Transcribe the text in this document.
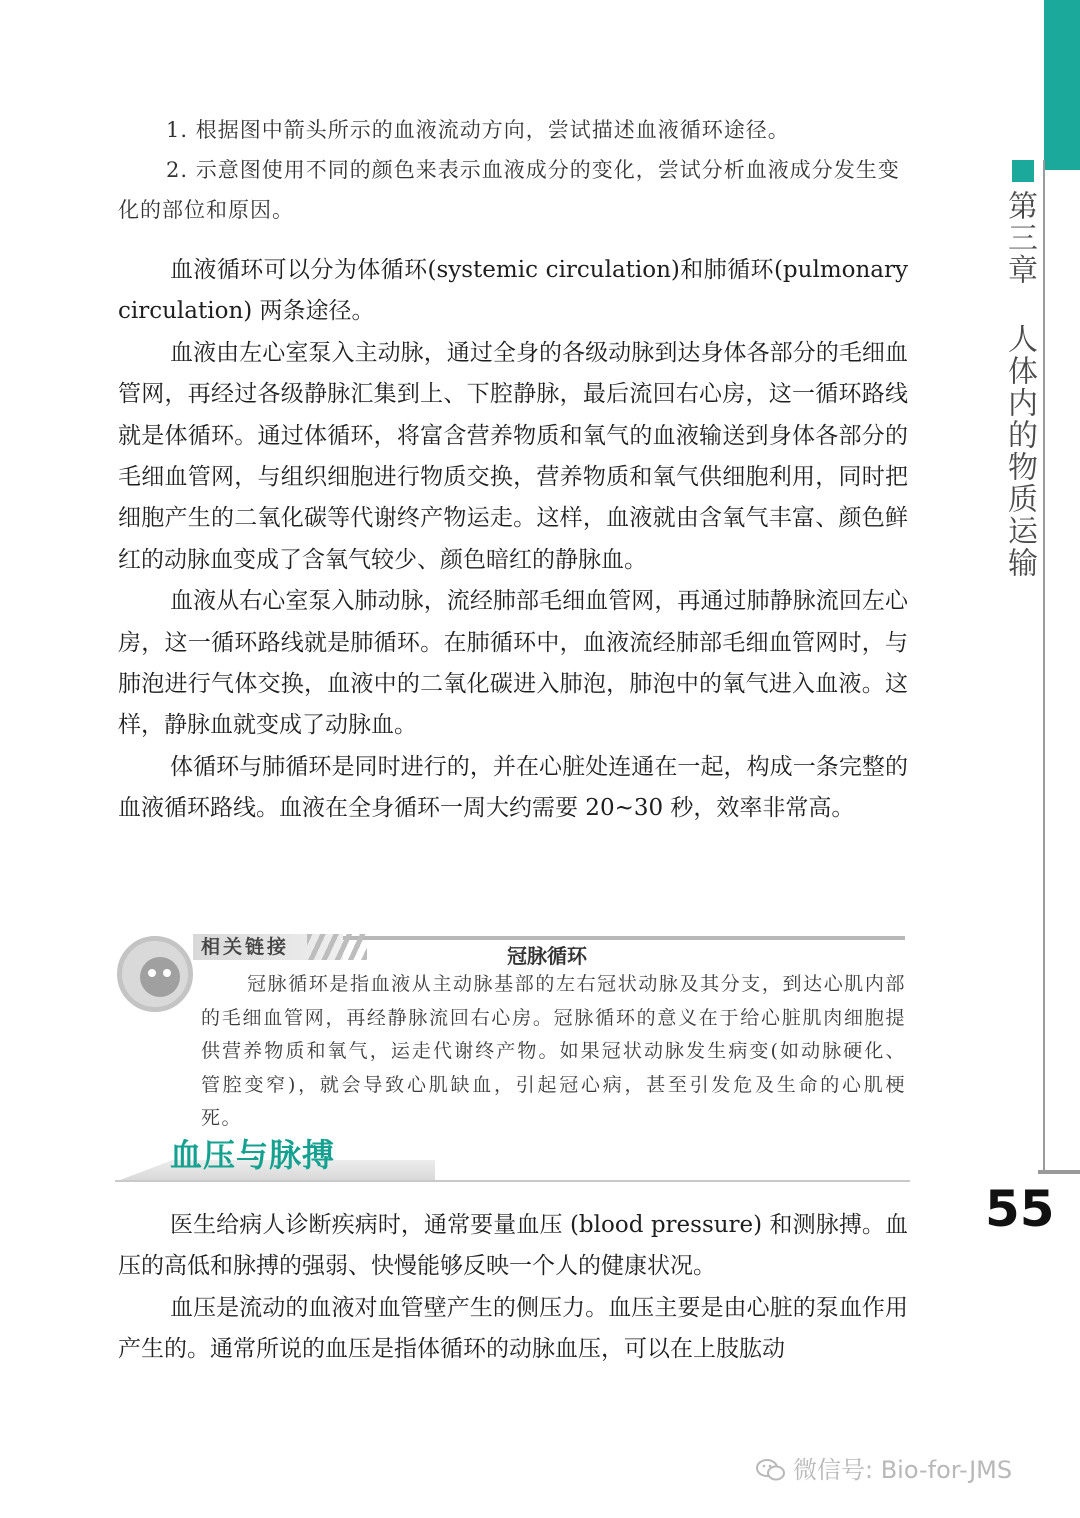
第三章 人体内的物质运输
55

1. 根据图中箭头所示的血液流动方向，尝试描述血液循环途径。

2. 示意图使用不同的颜色来表示血液成分的变化，尝试分析血液成分发生变化的部位和原因。

血液循环可以分为体循环(systemic circulation)和肺循环(pulmonary circulation) 两条途径。

血液由左心室泵入主动脉，通过全身的各级动脉到达身体各部分的毛细血管网，再经过各级静脉汇集到上、下腔静脉，最后流回右心房，这一循环路线就是体循环。通过体循环，将富含营养物质和氧气的血液输送到身体各部分的毛细血管网，与组织细胞进行物质交换，营养物质和氧气供细胞利用，同时把细胞产生的二氧化碳等代谢终产物运走。这样，血液就由含氧气丰富、颜色鲜红的动脉血变成了含氧气较少、颜色暗红的静脉血。

血液从右心室泵入肺动脉，流经肺部毛细血管网，再通过肺静脉流回左心房，这一循环路线就是肺循环。在肺循环中，血液流经肺部毛细血管网时，与肺泡进行气体交换，血液中的二氧化碳进入肺泡，肺泡中的氧气进入血液。这样，静脉血就变成了动脉血。

体循环与肺循环是同时进行的，并在心脏处连通在一起，构成一条完整的血液循环路线。血液在全身循环一周大约需要 20~30 秒，效率非常高。

相关链接	冠脉循环

冠脉循环是指血液从主动脉基部的左右冠状动脉及其分支，到达心肌内部的毛细血管网，再经静脉流回右心房。冠脉循环的意义在于给心脏肌肉细胞提供营养物质和氧气，运走代谢终产物。如果冠状动脉发生病变(如动脉硬化、管腔变窄)，就会导致心肌缺血，引起冠心病，甚至引发危及生命的心肌梗死。

血压与脉搏

医生给病人诊断疾病时，通常要量血压 (blood pressure) 和测脉搏。血压的高低和脉搏的强弱、快慢能够反映一个人的健康状况。

血压是流动的血液对血管壁产生的侧压力。血压主要是由心脏的泵血作用产生的。通常所说的血压是指体循环的动脉血压，可以在上肢肱动

微信号: Bio-for-JMS
